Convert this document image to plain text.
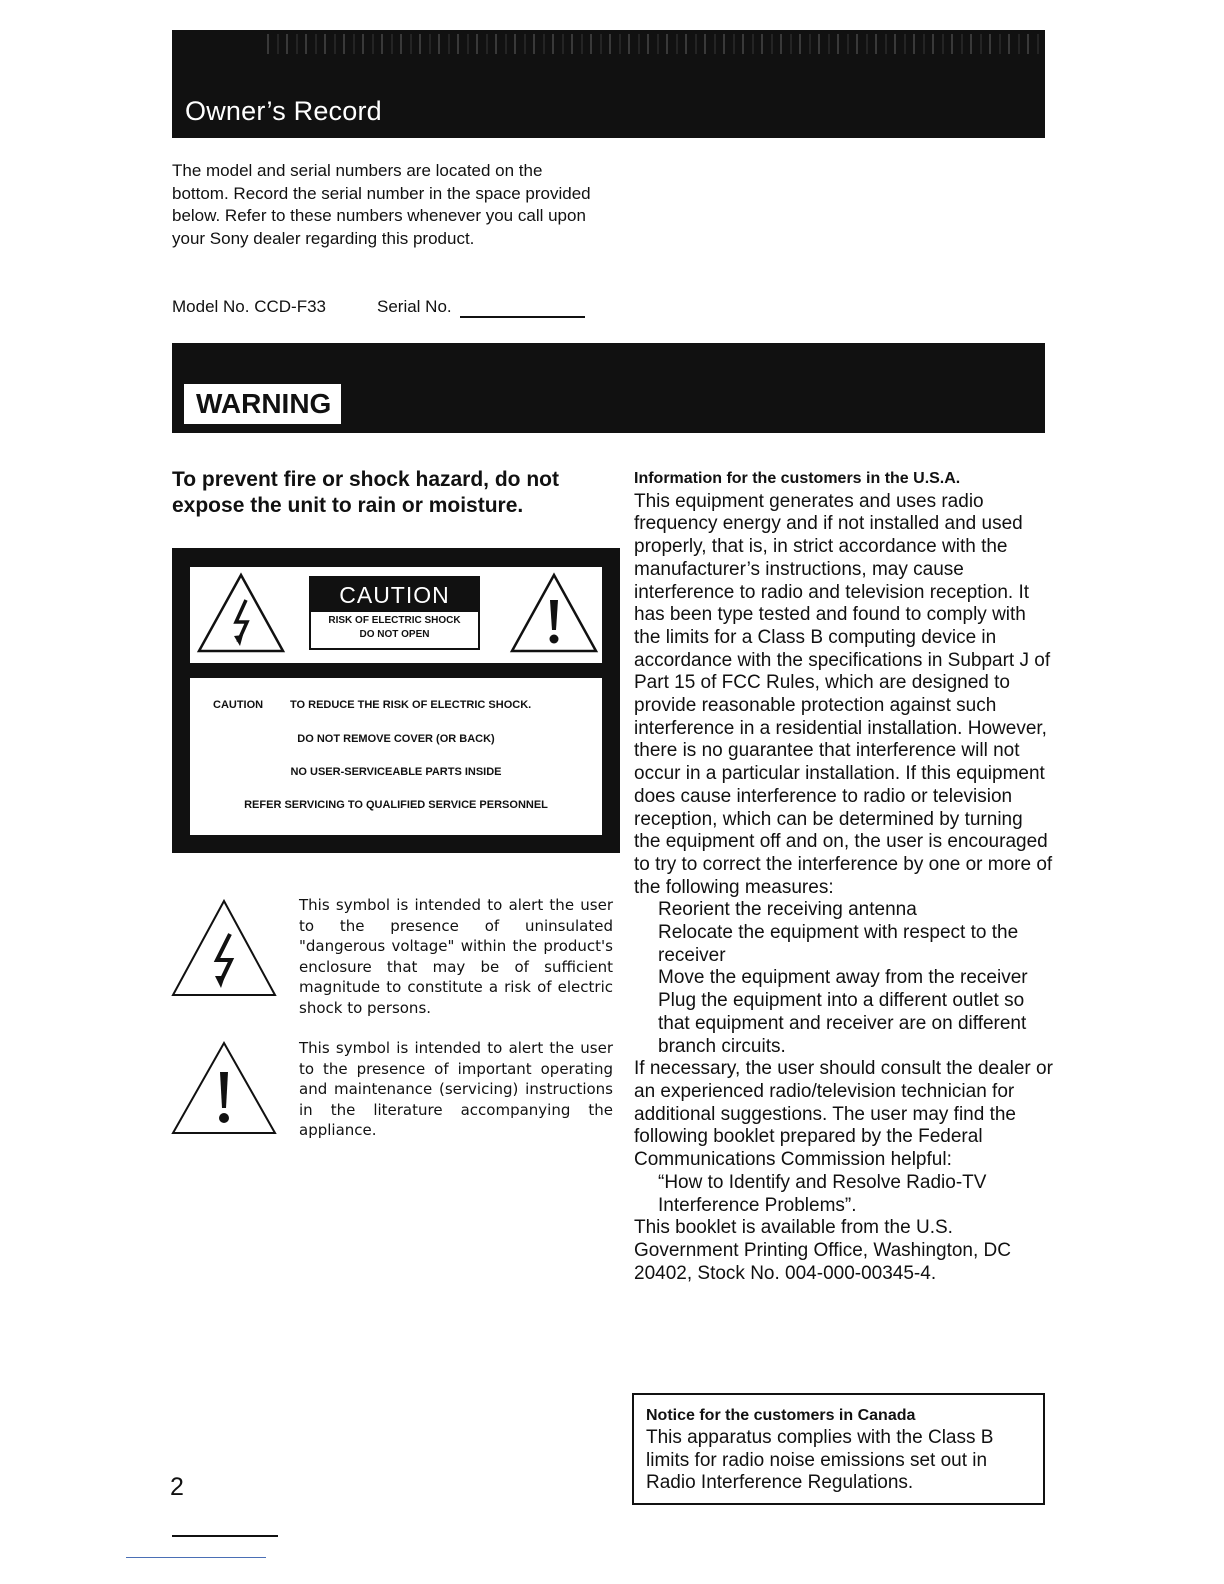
Owner’s Record
The model and serial numbers are located on the bottom. Record the serial number in the space provided below. Refer to these numbers whenever you call upon your Sony dealer regarding this product.
Model No. CCD-F33	Serial No.
WARNING
To prevent fire or shock hazard, do not expose the unit to rain or moisture.
CAUTION
RISK OF ELECTRIC SHOCK
DO NOT OPEN
CAUTION TO REDUCE THE RISK OF ELECTRIC SHOCK.
DO NOT REMOVE COVER (OR BACK)
NO USER-SERVICEABLE PARTS INSIDE
REFER SERVICING TO QUALIFIED SERVICE PERSONNEL
This symbol is intended to alert the user to the presence of uninsulated "dangerous voltage" within the product's enclosure that may be of sufficient magnitude to constitute a risk of electric shock to persons.
This symbol is intended to alert the user to the presence of important operating and maintenance (servicing) instructions in the literature accompanying the appliance.
Information for the customers in the U.S.A.
This equipment generates and uses radio frequency energy and if not installed and used properly, that is, in strict accordance with the manufacturer’s instructions, may cause interference to radio and television reception. It has been type tested and found to comply with the limits for a Class B computing device in accordance with the specifications in Subpart J of Part 15 of FCC Rules, which are designed to provide reasonable protection against such interference in a residential installation. However, there is no guarantee that interference will not occur in a particular installation. If this equipment does cause interference to radio or television reception, which can be determined by turning the equipment off and on, the user is encouraged to try to correct the interference by one or more of the following measures:
Reorient the receiving antenna
Relocate the equipment with respect to the receiver
Move the equipment away from the receiver
Plug the equipment into a different outlet so that equipment and receiver are on different branch circuits.
If necessary, the user should consult the dealer or an experienced radio/television technician for additional suggestions. The user may find the following booklet prepared by the Federal Communications Commission helpful:
“How to Identify and Resolve Radio-TV Interference Problems”.
This booklet is available from the U.S. Government Printing Office, Washington, DC 20402, Stock No. 004-000-00345-4.
Notice for the customers in Canada
This apparatus complies with the Class B limits for radio noise emissions set out in Radio Interference Regulations.
2
